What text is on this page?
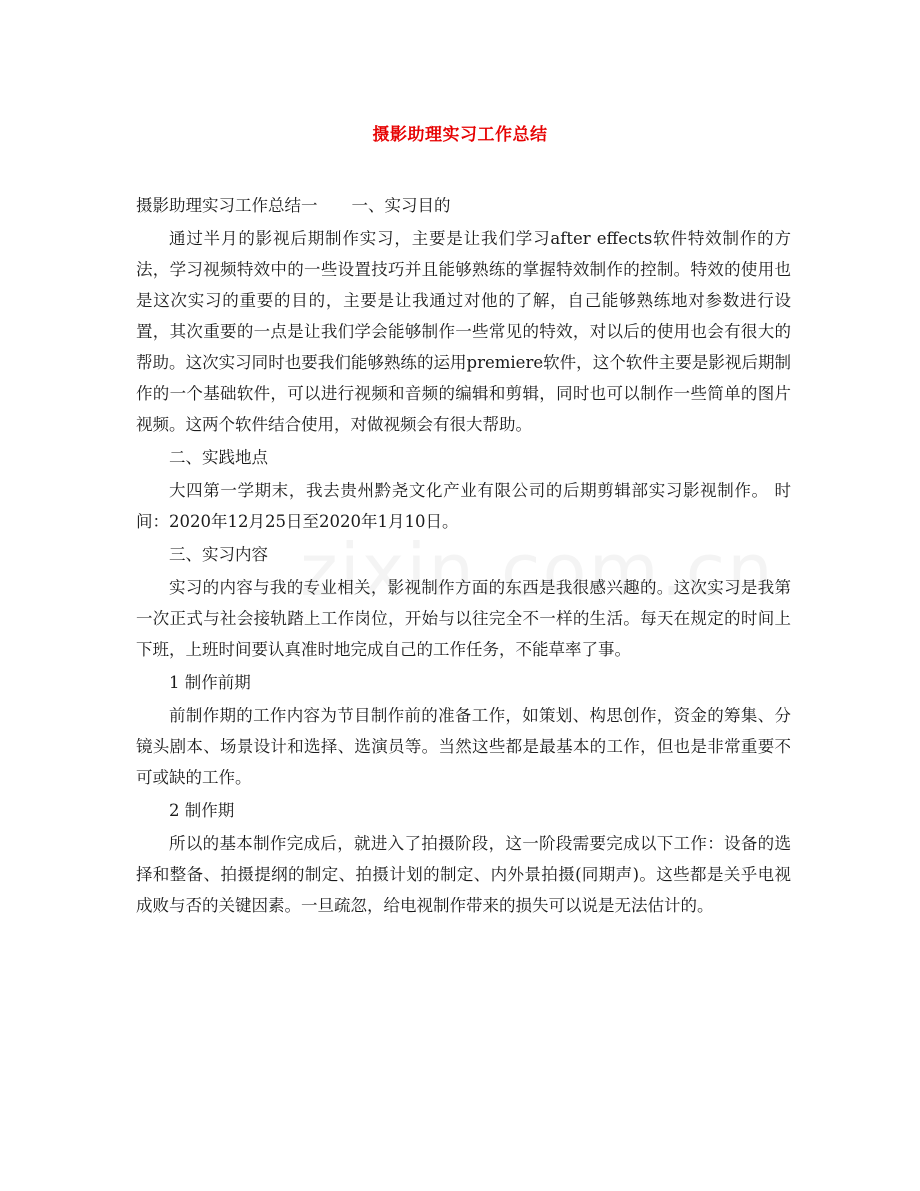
摄影助理实习工作总结

摄影助理实习工作总结一 一、实习目的

通过半月的影视后期制作实习，主要是让我们学习after effects软件特效制作的方法，学习视频特效中的一些设置技巧并且能够熟练的掌握特效制作的控制。特效的使用也是这次实习的重要的目的，主要是让我通过对他的了解，自己能够熟练地对参数进行设置，其次重要的一点是让我们学会能够制作一些常见的特效，对以后的使用也会有很大的帮助。这次实习同时也要我们能够熟练的运用premiere软件，这个软件主要是影视后期制作的一个基础软件，可以进行视频和音频的编辑和剪辑，同时也可以制作一些简单的图片视频。这两个软件结合使用，对做视频会有很大帮助。

二、实践地点

大四第一学期末，我去贵州黔尧文化产业有限公司的后期剪辑部实习影视制作。 时间：2020年12月25日至2020年1月10日。

三、实习内容

实习的内容与我的专业相关，影视制作方面的东西是我很感兴趣的。这次实习是我第一次正式与社会接轨踏上工作岗位，开始与以往完全不一样的生活。每天在规定的时间上下班，上班时间要认真准时地完成自己的工作任务，不能草率了事。

1 制作前期

前制作期的工作内容为节目制作前的准备工作，如策划、构思创作，资金的筹集、分镜头剧本、场景设计和选择、选演员等。当然这些都是最基本的工作，但也是非常重要不可或缺的工作。

2 制作期

所以的基本制作完成后，就进入了拍摄阶段，这一阶段需要完成以下工作：设备的选择和整备、拍摄提纲的制定、拍摄计划的制定、内外景拍摄(同期声)。这些都是关乎电视成败与否的关键因素。一旦疏忽，给电视制作带来的损失可以说是无法估计的。
